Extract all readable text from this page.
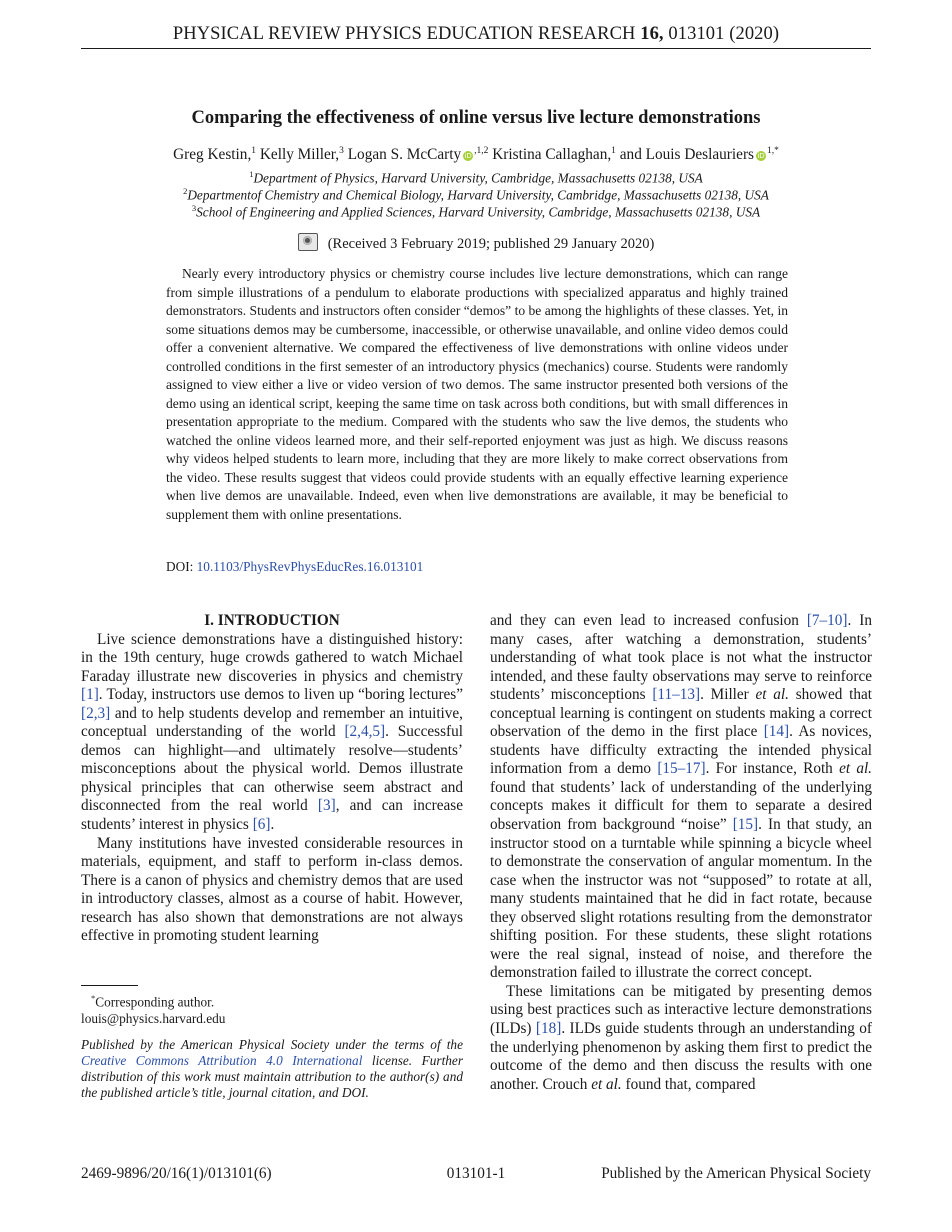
PHYSICAL REVIEW PHYSICS EDUCATION RESEARCH 16, 013101 (2020)
Comparing the effectiveness of online versus live lecture demonstrations
Greg Kestin,$^1$ Kelly Miller,$^3$ Logan S. McCarty $iD^{,1,2}$ Kristina Callaghan,$^1$ and Louis Deslauriers $iD^{1,*}$
$^1$Department of Physics, Harvard University, Cambridge, Massachusetts 02138, USA
$^2$Departmentof Chemistry and Chemical Biology, Harvard University, Cambridge, Massachusetts 02138, USA
$^3$School of Engineering and Applied Sciences, Harvard University, Cambridge, Massachusetts 02138, USA
(Received 3 February 2019; published 29 January 2020)

Nearly every introductory physics or chemistry course includes live lecture demonstrations, which can range from simple illustrations of a pendulum to elaborate productions with specialized apparatus and highly trained demonstrators. Students and instructors often consider “demos” to be among the highlights of these classes. Yet, in some situations demos may be cumbersome, inaccessible, or otherwise unavailable, and online video demos could offer a convenient alternative. We compared the effectiveness of live demonstrations with online videos under controlled conditions in the first semester of an introductory physics (mechanics) course. Students were randomly assigned to view either a live or video version of two demos. The same instructor presented both versions of the demo using an identical script, keeping the same time on task across both conditions, but with small differences in presentation appropriate to the medium. Compared with the students who saw the live demos, the students who watched the online videos learned more, and their self-reported enjoyment was just as high. We discuss reasons why videos helped students to learn more, including that they are more likely to make correct observations from the video. These results suggest that videos could provide students with an equally effective learning experience when live demos are unavailable. Indeed, even when live demonstrations are available, it may be beneficial to supplement them with online presentations.

DOI: 10.1103/PhysRevPhysEducRes.16.013101

I. INTRODUCTION

Live science demonstrations have a distinguished history: in the 19th century, huge crowds gathered to watch Michael Faraday illustrate new discoveries in physics and chemistry [1]. Today, instructors use demos to liven up “boring lectures” [2,3] and to help students develop and remember an intuitive, conceptual understanding of the world [2,4,5]. Successful demos can highlight—and ultimately resolve—students’ misconceptions about the physical world. Demos illustrate physical principles that can otherwise seem abstract and disconnected from the real world [3], and can increase students’ interest in physics [6].

Many institutions have invested considerable resources in materials, equipment, and staff to perform in-class demos. There is a canon of physics and chemistry demos that are used in introductory classes, almost as a course of habit. However, research has also shown that demonstrations are not always effective in promoting student learning

and they can even lead to increased confusion [7–10]. In many cases, after watching a demonstration, students’ understanding of what took place is not what the instructor intended, and these faulty observations may serve to reinforce students’ misconceptions [11–13]. Miller et al. showed that conceptual learning is contingent on students making a correct observation of the demo in the first place [14]. As novices, students have difficulty extracting the intended physical information from a demo [15–17]. For instance, Roth et al. found that students’ lack of understanding of the underlying concepts makes it difficult for them to separate a desired observation from background “noise” [15]. In that study, an instructor stood on a turntable while spinning a bicycle wheel to demonstrate the conservation of angular momentum. In the case when the instructor was not “supposed” to rotate at all, many students maintained that he did in fact rotate, because they observed slight rotations resulting from the demonstrator shifting position. For these students, these slight rotations were the real signal, instead of noise, and therefore the demonstration failed to illustrate the correct concept.

These limitations can be mitigated by presenting demos using best practices such as interactive lecture demonstrations (ILDs) [18]. ILDs guide students through an understanding of the underlying phenomenon by asking them first to predict the outcome of the demo and then discuss the results with one another. Crouch et al. found that, compared

*Corresponding author.
louis@physics.harvard.edu
Published by the American Physical Society under the terms of the Creative Commons Attribution 4.0 International license. Further distribution of this work must maintain attribution to the author(s) and the published article’s title, journal citation, and DOI.
2469-9896/20/16(1)/013101(6)	013101-1	Published by the American Physical Society
